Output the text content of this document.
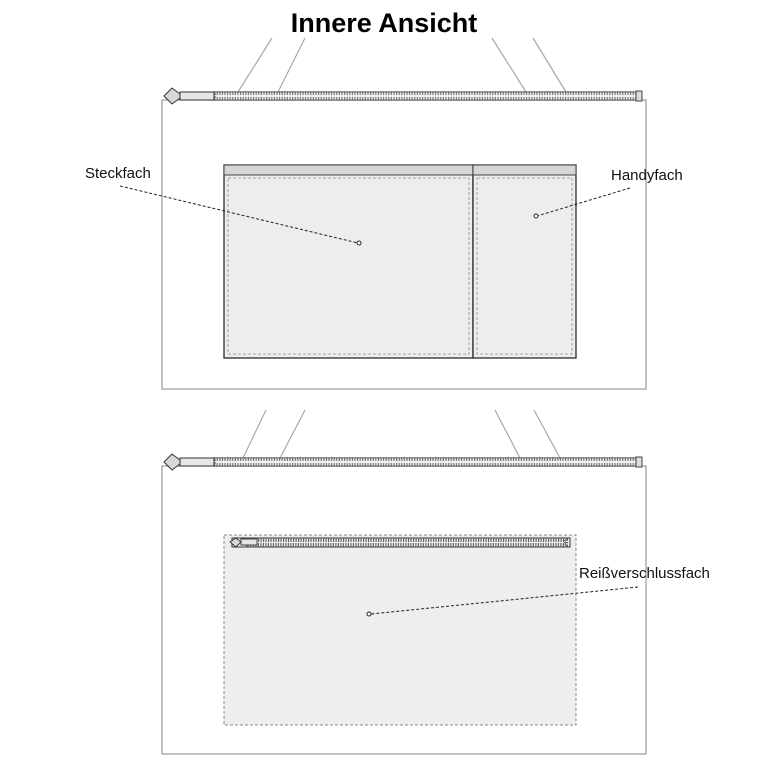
Innere Ansicht
Steckfach	Handyfach
Reißverschlussfach
